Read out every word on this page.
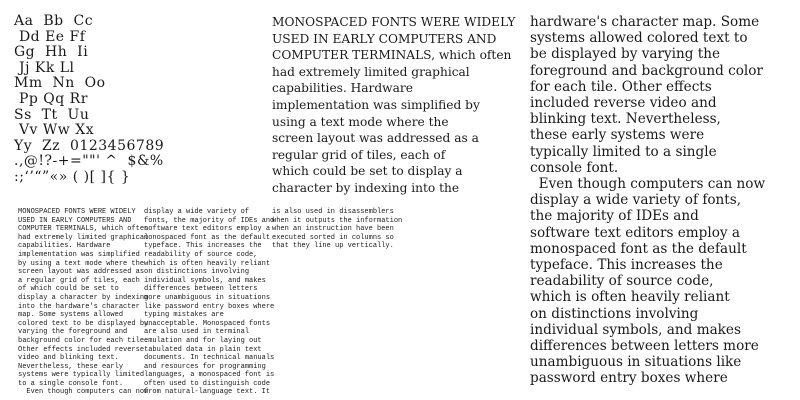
Aa  Bb  Cc
Dd Ee Ff
Gg  Hh  Ii
Jj Kk Ll
Mm  Nn  Oo
Pp Qq Rr
Ss  Tt  Uu
Vv Ww Xx
Yy  Zz  0123456789
.,@!?-+=""' ^  $&%
:;‘’“”«» ( )[ ]{ }
MONOSPACED FONTS WERE WIDELY
USED IN EARLY COMPUTERS AND
COMPUTER TERMINALS, which often
had extremely limited graphical
capabilities. Hardware
implementation was simplified
by using a text mode where the
screen layout was addressed as
a regular grid of tiles, each
of which could be set to
display a character by indexing
into the hardware's character
map. Some systems allowed
colored text to be displayed by
varying the foreground and
background color for each tile.
Other effects included reverse
video and blinking text.
Nevertheless, these early
systems were typically limited
to a single console font.
Even though computers can now
display a wide variety of
fonts, the majority of IDEs and
software text editors employ a
monospaced font as the default
typeface. This increases the
readability of source code,
which is often heavily reliant
on distinctions involving
individual symbols, and makes
differences between letters
more unambiguous in situations
like password entry boxes where
typing mistakes are
unacceptable. Monospaced fonts
are also used in terminal
emulation and for laying out
tabulated data in plain text
documents. In technical manuals
and resources for programming
languages, a monospaced font is
often used to distinguish code
from natural-language text. It
is also used in disassemblers
when it outputs the information
when an instruction have been
executed sorted in columns so
that they line up vertically.
MONOSPACED FONTS WERE WIDELY
USED IN EARLY COMPUTERS AND
COMPUTER TERMINALS, which often
had extremely limited graphical
capabilities. Hardware
implementation was simplified by
using a text mode where the
screen layout was addressed as a
regular grid of tiles, each of
which could be set to display a
character by indexing into the
hardware's character map. Some
systems allowed colored text to
be displayed by varying the
foreground and background color
for each tile. Other effects
included reverse video and
blinking text. Nevertheless,
these early systems were
typically limited to a single
console font.
Even though computers can now
display a wide variety of fonts,
the majority of IDEs and
software text editors employ a
monospaced font as the default
typeface. This increases the
readability of source code,
which is often heavily reliant
on distinctions involving
individual symbols, and makes
differences between letters more
unambiguous in situations like
password entry boxes where
